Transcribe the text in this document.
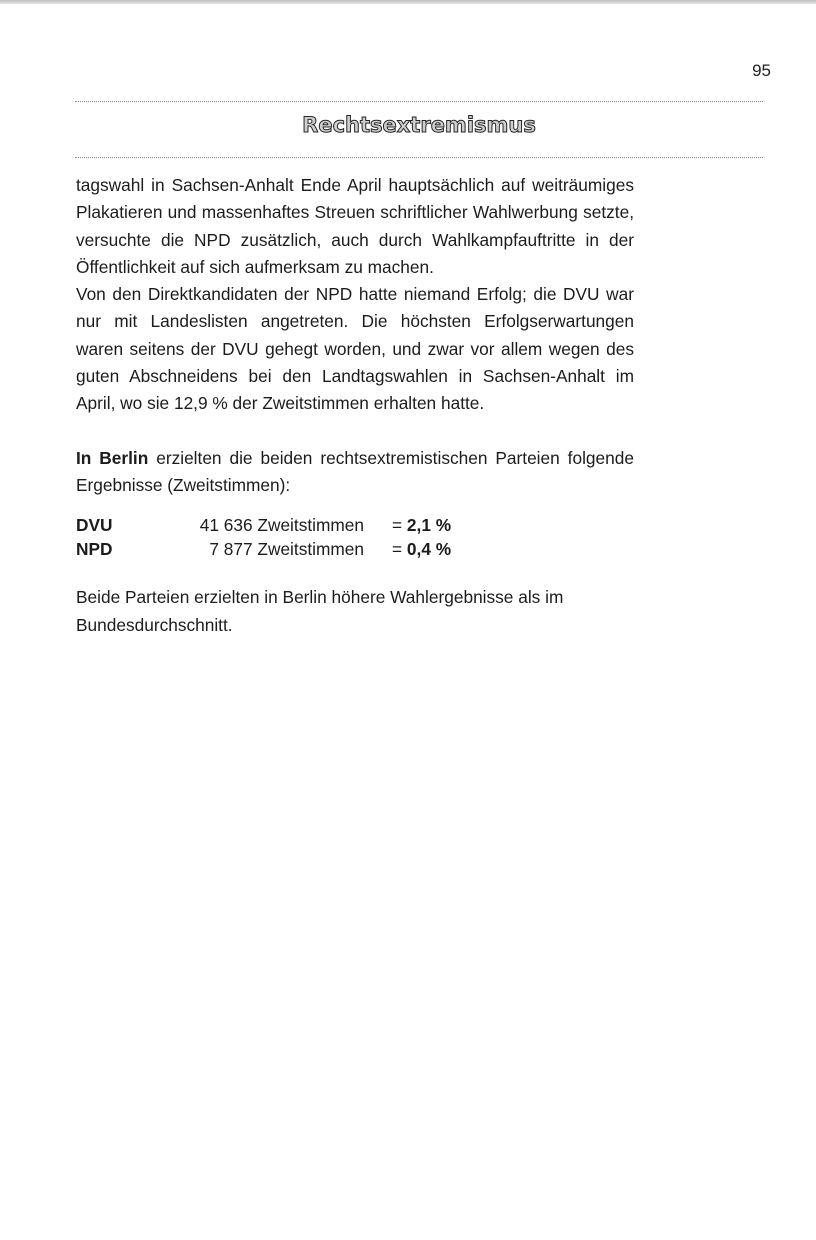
95
Rechtsextremismus

tagswahl in Sachsen-Anhalt Ende April hauptsächlich auf weiträumiges Plakatieren und massenhaftes Streuen schriftlicher Wahlwerbung setzte, versuchte die NPD zusätzlich, auch durch Wahlkampfauftritte in der Öffentlichkeit auf sich aufmerksam zu machen.

Von den Direktkandidaten der NPD hatte niemand Erfolg; die DVU war nur mit Landeslisten angetreten. Die höchsten Erfolgserwartungen waren seitens der DVU gehegt worden, und zwar vor allem wegen des guten Abschneidens bei den Landtagswahlen in Sachsen-Anhalt im April, wo sie 12,9 % der Zweitstimmen erhalten hatte.

In Berlin erzielten die beiden rechtsextremistischen Parteien folgende Ergebnisse (Zweitstimmen):

DVU	41 636 Zweitstimmen = 2,1 %
NPD	7 877 Zweitstimmen = 0,4 %

Beide Parteien erzielten in Berlin höhere Wahlergebnisse als im Bundesdurchschnitt.
